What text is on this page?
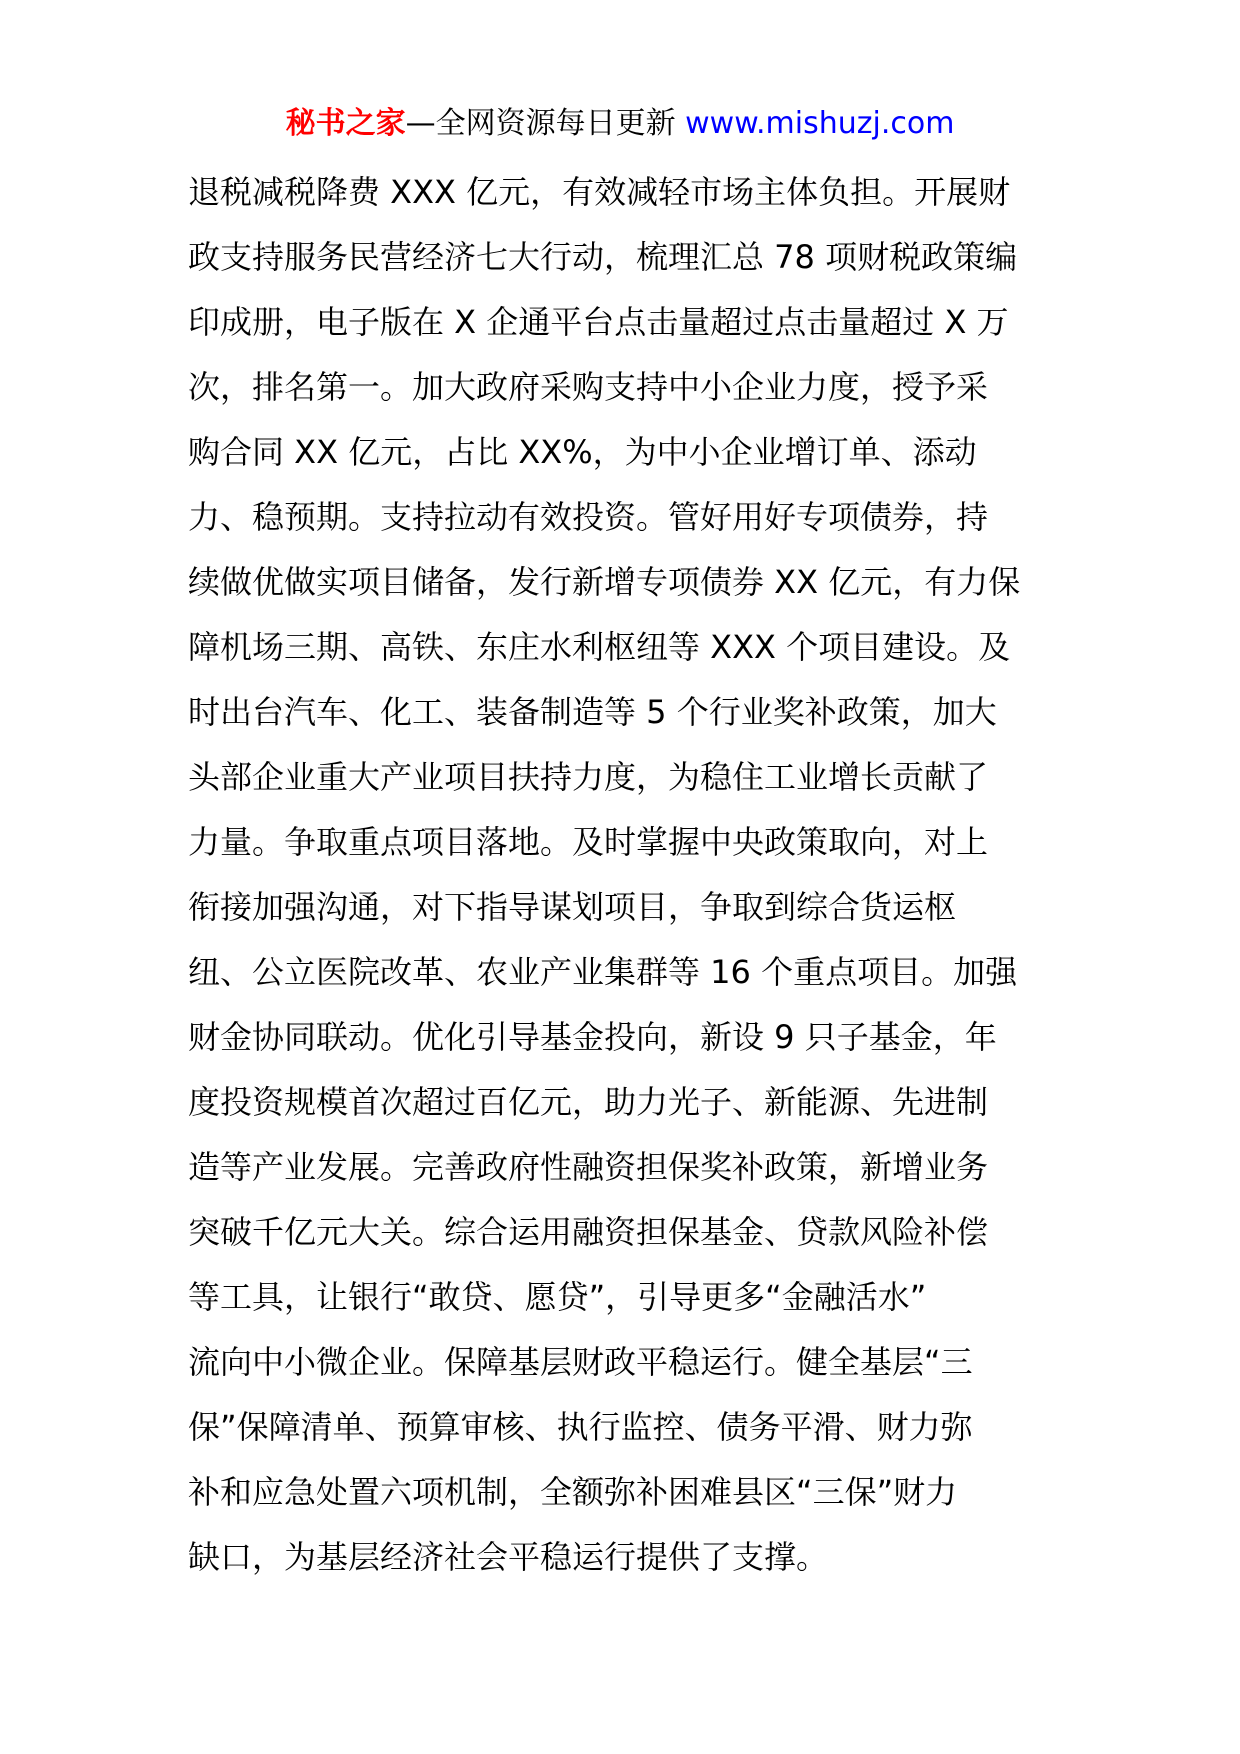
秘书之家—全网资源每日更新 www.mishuzj.com
退税减税降费 XXX 亿元，有效减轻市场主体负担。开展财
政支持服务民营经济七大行动，梳理汇总 78 项财税政策编
印成册，电子版在 X 企通平台点击量超过点击量超过 X 万
次，排名第一。加大政府采购支持中小企业力度，授予采
购合同 XX 亿元，占比 XX%，为中小企业增订单、添动
力、稳预期。支持拉动有效投资。管好用好专项债券，持
续做优做实项目储备，发行新增专项债券 XX 亿元，有力保
障机场三期、高铁、东庄水利枢纽等 XXX 个项目建设。及
时出台汽车、化工、装备制造等 5 个行业奖补政策，加大
头部企业重大产业项目扶持力度，为稳住工业增长贡献了
力量。争取重点项目落地。及时掌握中央政策取向，对上
衔接加强沟通，对下指导谋划项目，争取到综合货运枢
纽、公立医院改革、农业产业集群等 16 个重点项目。加强
财金协同联动。优化引导基金投向，新设 9 只子基金，年
度投资规模首次超过百亿元，助力光子、新能源、先进制
造等产业发展。完善政府性融资担保奖补政策，新增业务
突破千亿元大关。综合运用融资担保基金、贷款风险补偿
等工具，让银行“敢贷、愿贷”，引导更多“金融活水”
流向中小微企业。保障基层财政平稳运行。健全基层“三
保”保障清单、预算审核、执行监控、债务平滑、财力弥
补和应急处置六项机制，全额弥补困难县区“三保”财力
缺口，为基层经济社会平稳运行提供了支撑。
